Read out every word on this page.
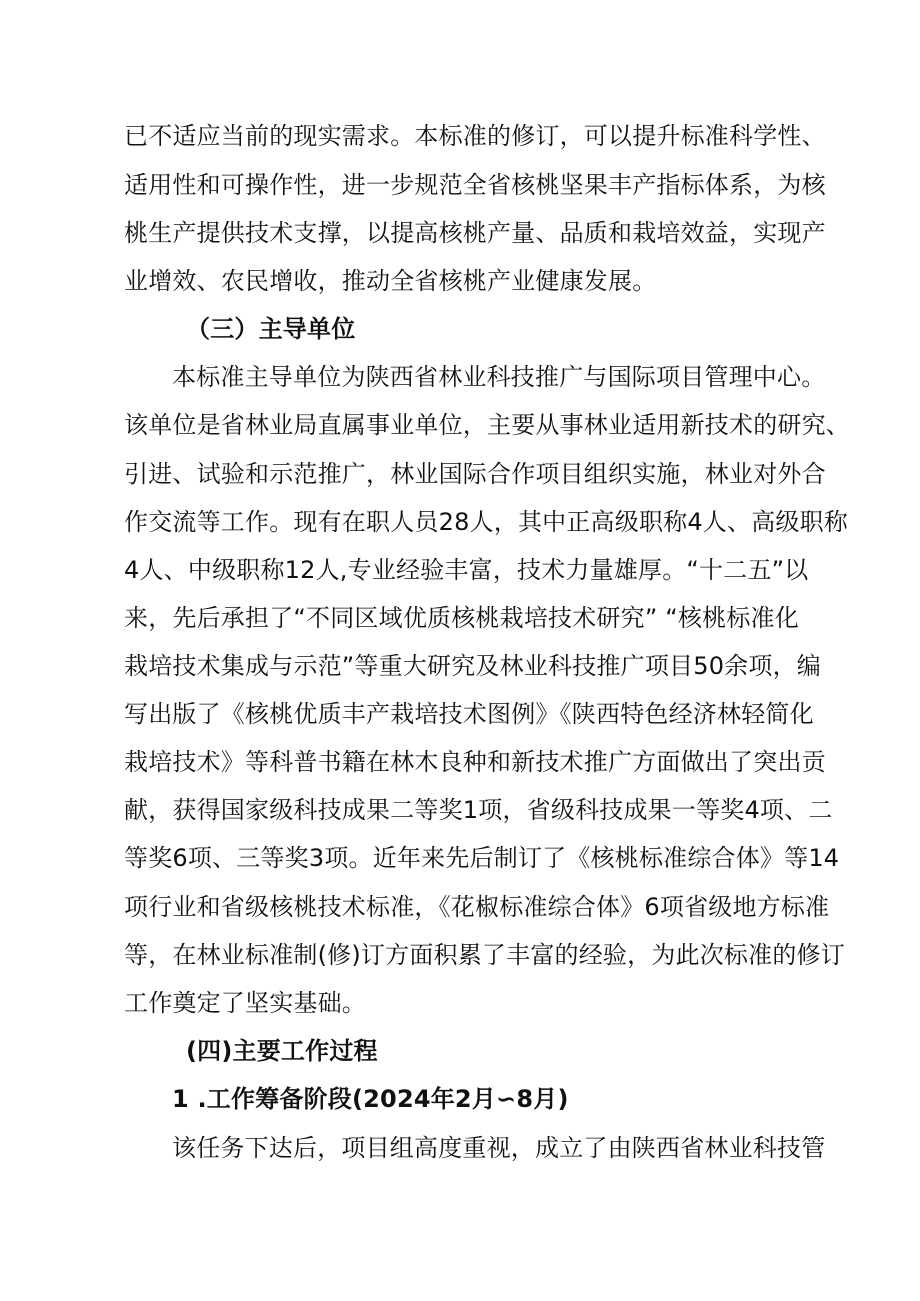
已不适应当前的现实需求。本标准的修订，可以提升标准科学性、
适用性和可操作性，进一步规范全省核桃坚果丰产指标体系，为核
桃生产提供技术支撑，以提高核桃产量、品质和栽培效益，实现产
业增效、农民增收，推动全省核桃产业健康发展。
（三）主导单位
本标准主导单位为陕西省林业科技推广与国际项目管理中心。
该单位是省林业局直属事业单位，主要从事林业适用新技术的研究、
引进、试验和示范推广，林业国际合作项目组织实施，林业对外合
作交流等工作。现有在职人员28人，其中正高级职称4人、高级职称
4人、中级职称12人,专业经验丰富，技术力量雄厚。“十二五”以
来，先后承担了“不同区域优质核桃栽培技术研究” “核桃标准化
栽培技术集成与示范”等重大研究及林业科技推广项目50余项，编
写出版了《核桃优质丰产栽培技术图例》《陕西特色经济林轻简化
栽培技术》等科普书籍在林木良种和新技术推广方面做出了突出贡
献，获得国家级科技成果二等奖1项，省级科技成果一等奖4项、二
等奖6项、三等奖3项。近年来先后制订了《核桃标准综合体》等14
项行业和省级核桃技术标准，《花椒标准综合体》6项省级地方标准
等，在林业标准制(修)订方面积累了丰富的经验，为此次标准的修订
工作奠定了坚实基础。
(四)主要工作过程
1 .工作筹备阶段(2024年2月∽8月)
该任务下达后，项目组高度重视，成立了由陕西省林业科技管
